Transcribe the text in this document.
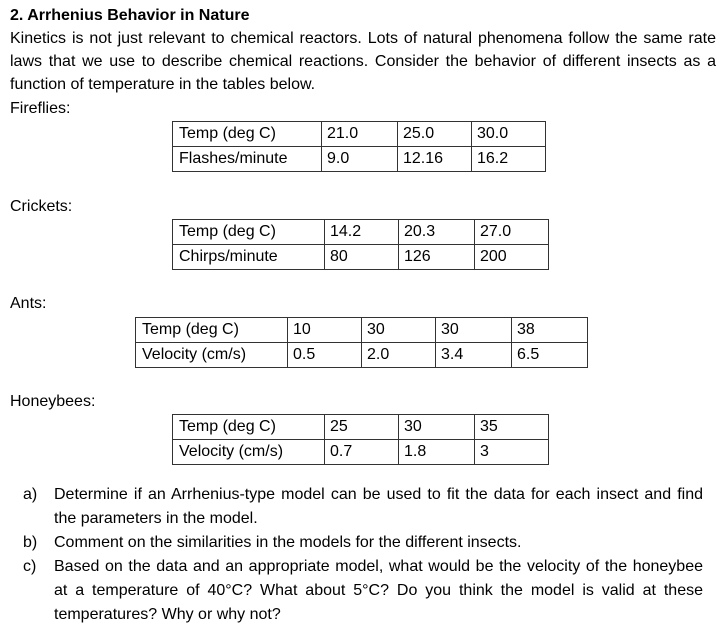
2. Arrhenius Behavior in Nature

Kinetics is not just relevant to chemical reactors. Lots of natural phenomena follow the same rate laws that we use to describe chemical reactions. Consider the behavior of different insects as a function of temperature in the tables below.

Fireflies:
Temp (deg C)	21.0	25.0	30.0
Flashes/minute	9.0	12.16	16.2
Crickets:
Temp (deg C)	14.2	20.3	27.0
Chirps/minute	80	126	200
Ants:
Temp (deg C)	10	30	30	38
Velocity (cm/s)	0.5	2.0	3.4	6.5
Honeybees:
Temp (deg C)	25	30	35
Velocity (cm/s)	0.7	1.8	3
a) Determine if an Arrhenius-type model can be used to fit the data for each insect and find the parameters in the model.
b) Comment on the similarities in the models for the different insects.
c) Based on the data and an appropriate model, what would be the velocity of the honeybee at a temperature of 40°C? What about 5°C? Do you think the model is valid at these temperatures? Why or why not?
